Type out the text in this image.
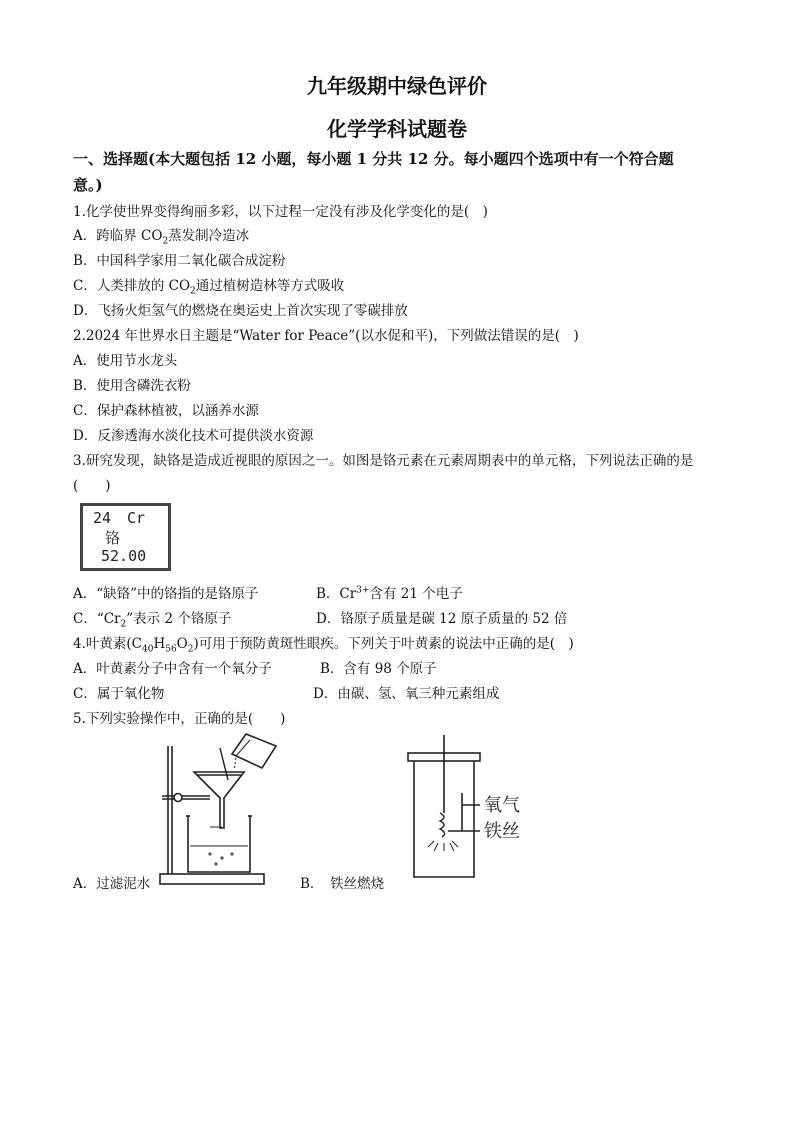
九年级期中绿色评价
化学学科试题卷
一、选择题(本大题包括 12 小题，每小题 1 分共 12 分。每小题四个选项中有一个符合题
意。)
1.化学使世界变得绚丽多彩，以下过程一定没有涉及化学变化的是(　)
A．跨临界 $CO_2$蒸发制冷造冰
B．中国科学家用二氧化碳合成淀粉
C．人类排放的 $CO_2$通过植树造林等方式吸收
D．飞扬火炬氢气的燃烧在奥运史上首次实现了零碳排放
2.2024 年世界水日主题是“Water for Peace”(以水促和平)，下列做法错误的是(　)
A．使用节水龙头
B．使用含磷洗衣粉
C．保护森林植被，以涵养水源
D．反渗透海水淡化技术可提供淡水资源
3.研究发现，缺铬是造成近视眼的原因之一。如图是铬元素在元素周期表中的单元格，下列说法正确的是
(　　)
24 Cr
铬
52.00
A．“缺铬”中的铬指的是铬原子	B．$Cr^{3+}$含有 21 个电子
C．“$Cr_2$”表示 2 个铬原子	D．铬原子质量是碳 12 原子质量的 52 倍
4.叶黄素$(C_{40}H_{56}O_2)$可用于预防黄斑性眼疾。下列关于叶黄素的说法中正确的是(　)
A．叶黄素分子中含有一个氧分子	B．含有 98 个原子
C．属于氧化物	D．由碳、氢、氧三种元素组成
5.下列实验操作中，正确的是(　　)
氧气
铁丝
A．过滤泥水	B．　铁丝燃烧
